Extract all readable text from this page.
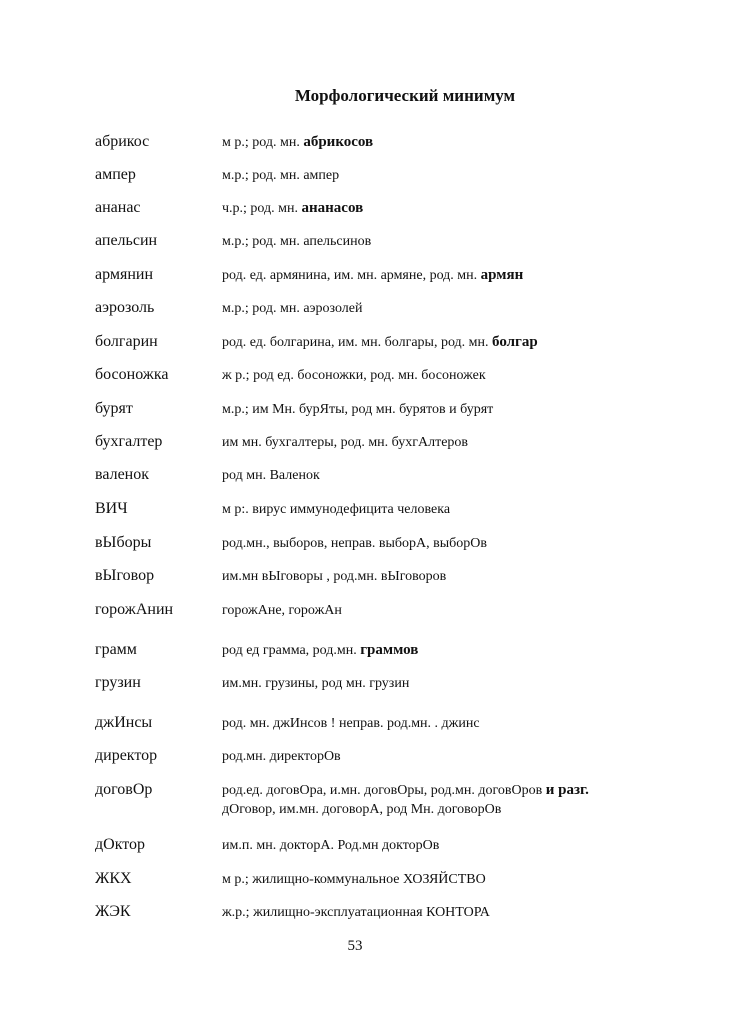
Морфологический минимум
абрикос	м р.; род. мн. абрикосов
ампер	м.р.; род. мн. ампер
ананас	ч.р.; род. мн. ананасов
апельсин	м.р.; род. мн. апельсинов
армянин	род. ед. армянина, им. мн. армяне, род. мн. армян
аэрозоль	м.р.; род. мн. аэрозолей
болгарин	род. ед. болгарина, им. мн. болгары, род. мн. болгар
босоножка	ж р.; род ед. босоножки, род. мн. босоножек
бурят	м.р.; им Мн. бурЯты, род мн. бурятов и бурят
бухгалтер	им мн. бухгалтеры, род. мн. бухгАлтеров
валенок	род мн. Валенок
ВИЧ	м р:. вирус иммунодефицита человека
вЫборы	род.мн., выборов, неправ. выборА, выборОв
вЫговор	им.мн вЫговоры , род.мн. вЫговоров
горожАнин	горожАне, горожАн
грамм	род ед грамма, род.мн. граммов
грузин	им.мн. грузины, род мн. грузин
джИнсы	род. мн. джИнсов ! неправ. род.мн. . джинс
директор	род.мн. директорОв
договОр	род.ед. договОра, и.мн. договОры, род.мн. договОров и разг.
дОговор, им.мн. договорА, род Мн. договорОв
дОктор	им.п. мн. докторА. Род.мн докторОв
ЖКХ	м р.; жилищно-коммунальное ХОЗЯЙСТВО
ЖЭК	ж.р.; жилищно-эксплуатационная КОНТОРА
53
